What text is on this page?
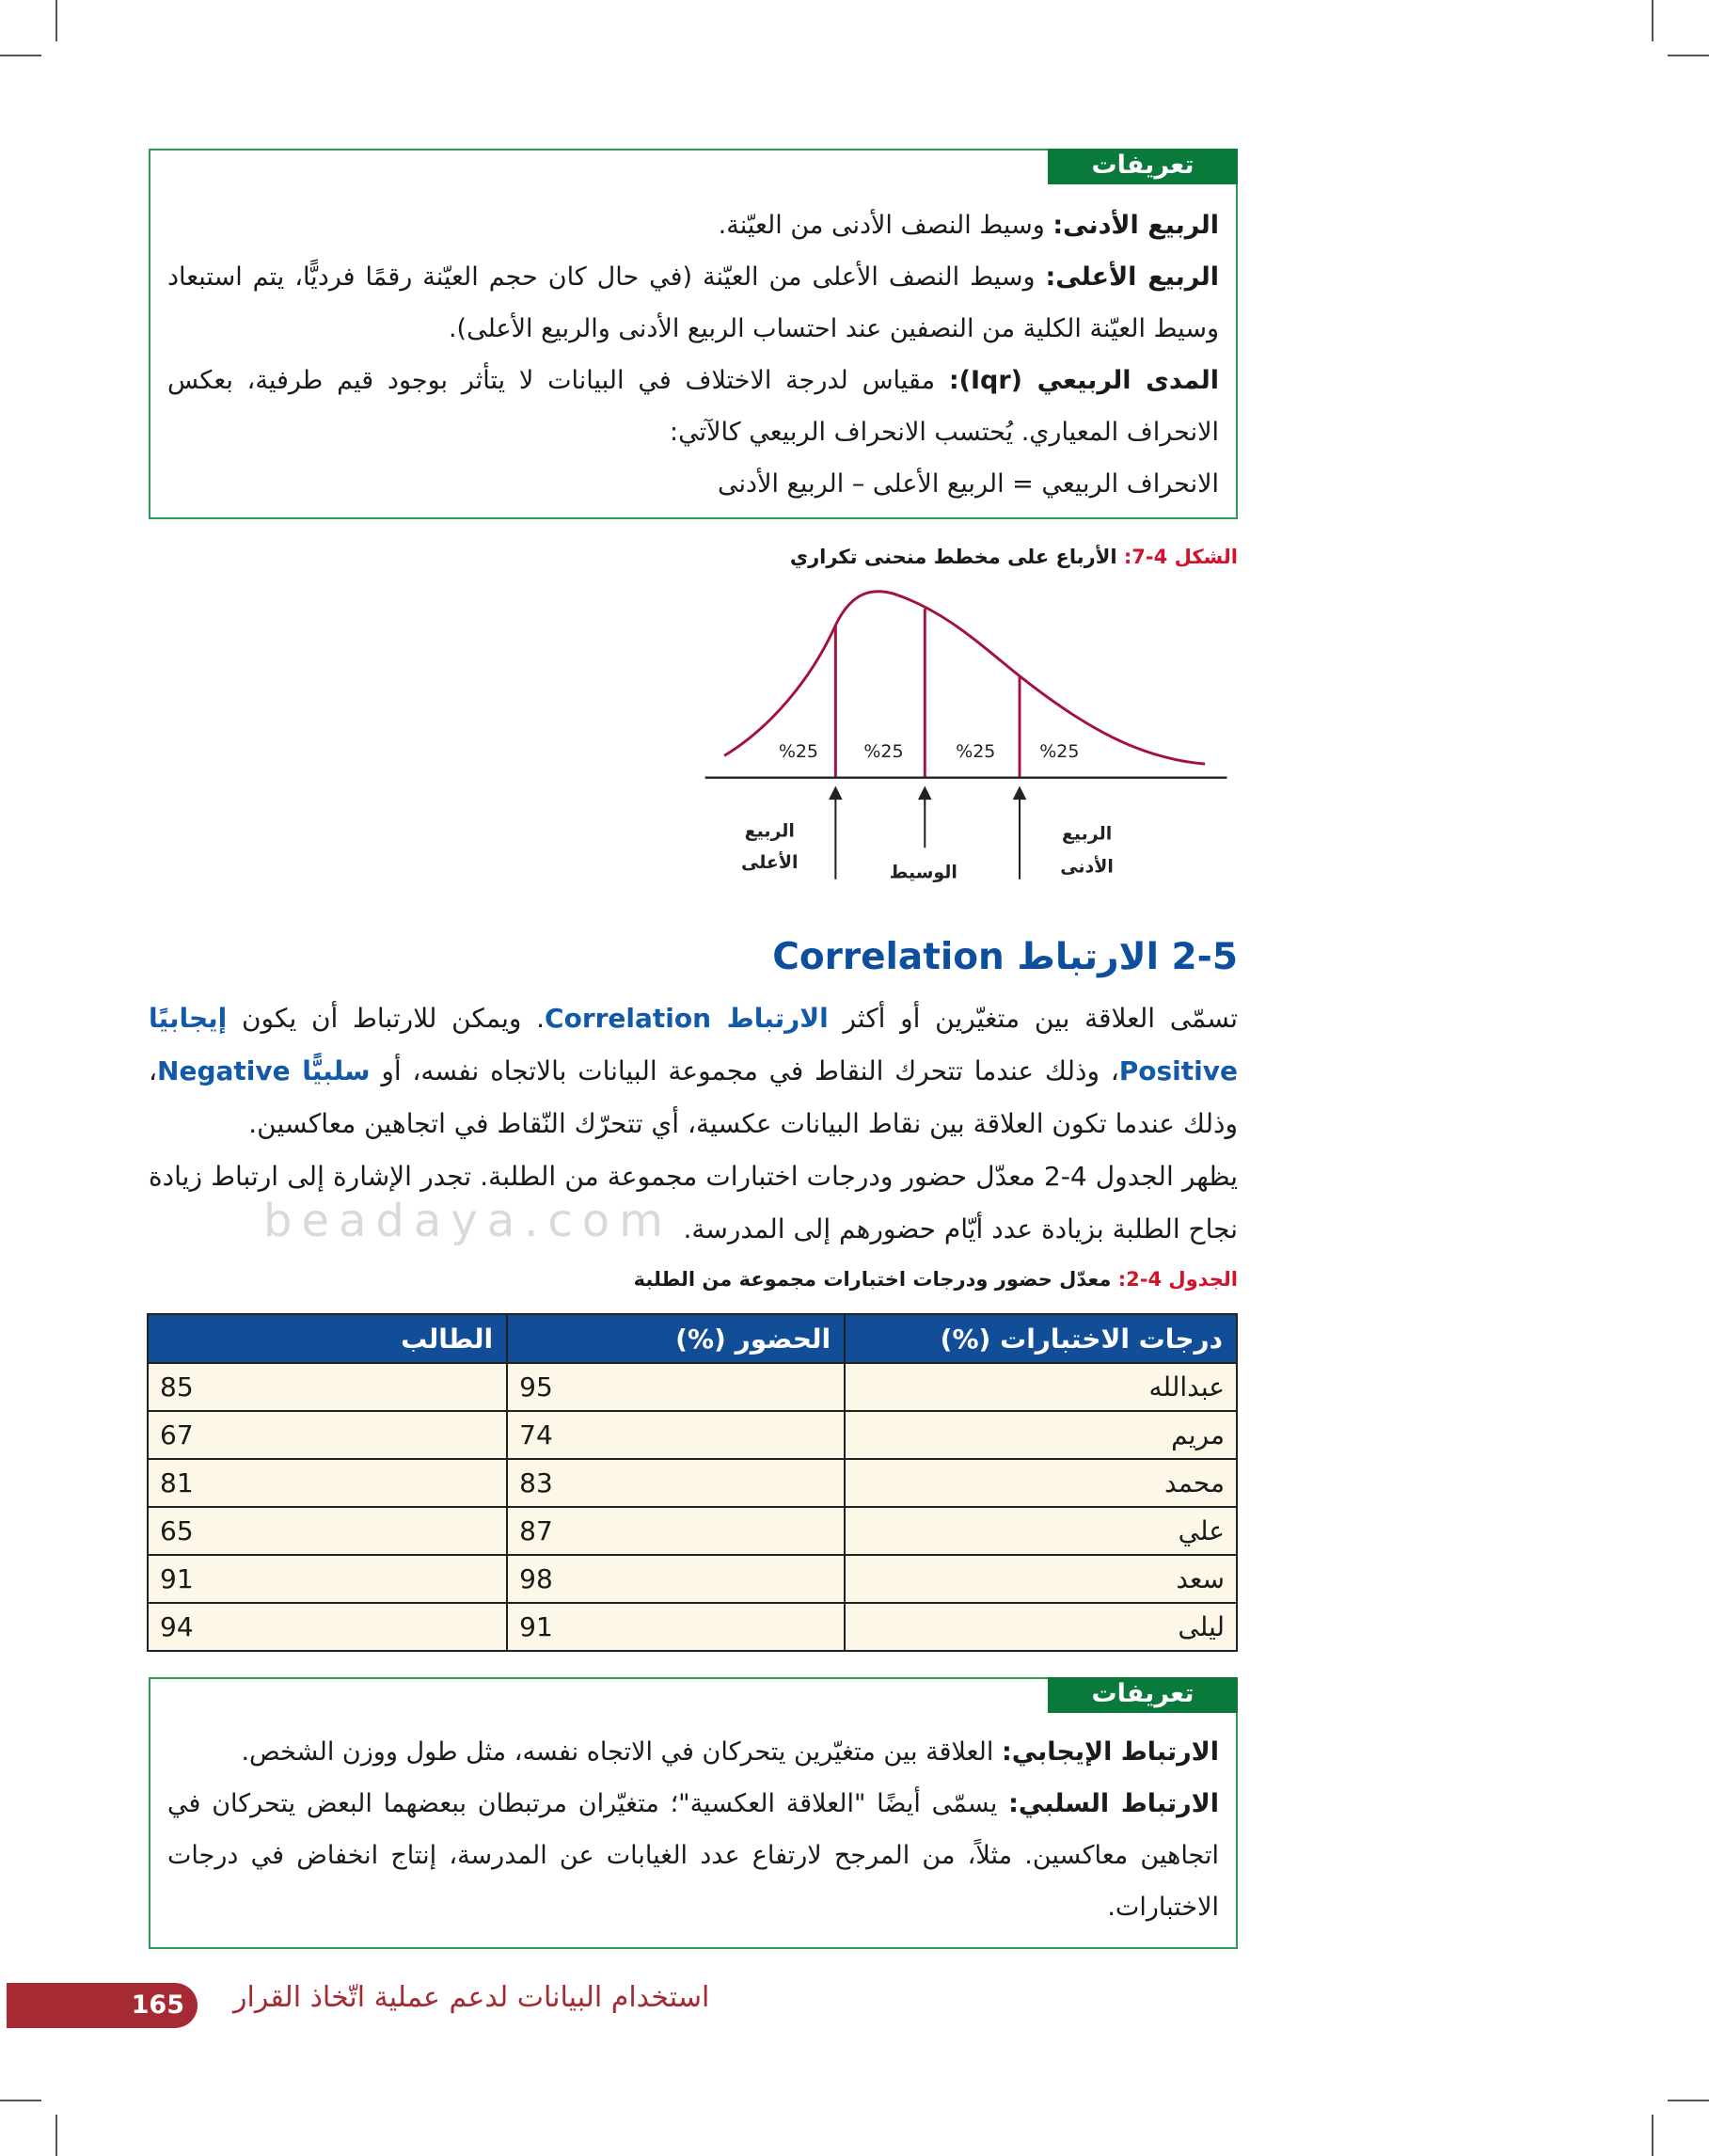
تعريفات

الربيع الأدنى: وسيط النصف الأدنى من العيّنة.

الربيع الأعلى: وسيط النصف الأعلى من العيّنة (في حال كان حجم العيّنة رقمًا فرديًّا، يتم استبعاد وسيط العيّنة الكلية من النصفين عند احتساب الربيع الأدنى والربيع الأعلى).

المدى الربيعي (Iqr): مقياس لدرجة الاختلاف في البيانات لا يتأثر بوجود قيم طرفية، بعكس الانحراف المعياري. يُحتسب الانحراف الربيعي كالآتي:

الانحراف الربيعي = الربيع الأعلى – الربيع الأدنى

الشكل 4-7: الأرباع على مخطط منحنى تكراري
%25	%25	%25	%25
الربيع
الأعلى	الوسيط
الربيع
الأدنى
beadaya.com
2-5 الارتباط Correlation

تسمّى العلاقة بين متغيّرين أو أكثر الارتباط Correlation. ويمكن للارتباط أن يكون إيجابيًا Positive، وذلك عندما تتحرك النقاط في مجموعة البيانات بالاتجاه نفسه، أو سلبيًّا Negative، وذلك عندما تكون العلاقة بين نقاط البيانات عكسية، أي تتحرّك النّقاط في اتجاهين معاكسين.

يظهر الجدول 4-2 معدّل حضور ودرجات اختبارات مجموعة من الطلبة. تجدر الإشارة إلى ارتباط زيادة نجاح الطلبة بزيادة عدد أيّام حضورهم إلى المدرسة.

الجدول 4-2: معدّل حضور ودرجات اختبارات مجموعة من الطلبة
درجات الاختبارات (%)	الحضور (%)	الطالب
عبدالله	95	85
مريم	74	67
محمد	83	81
علي	87	65
سعد	98	91
ليلى	91	94
تعريفات

الارتباط الإيجابي: العلاقة بين متغيّرين يتحركان في الاتجاه نفسه، مثل طول ووزن الشخص.

الارتباط السلبي: يسمّى أيضًا "العلاقة العكسية"؛ متغيّران مرتبطان ببعضهما البعض يتحركان في اتجاهين معاكسين. مثلاً، من المرجح لارتفاع عدد الغيابات عن المدرسة، إنتاج انخفاض في درجات الاختبارات.

165	استخدام البيانات لدعم عملية اتّخاذ القرار
